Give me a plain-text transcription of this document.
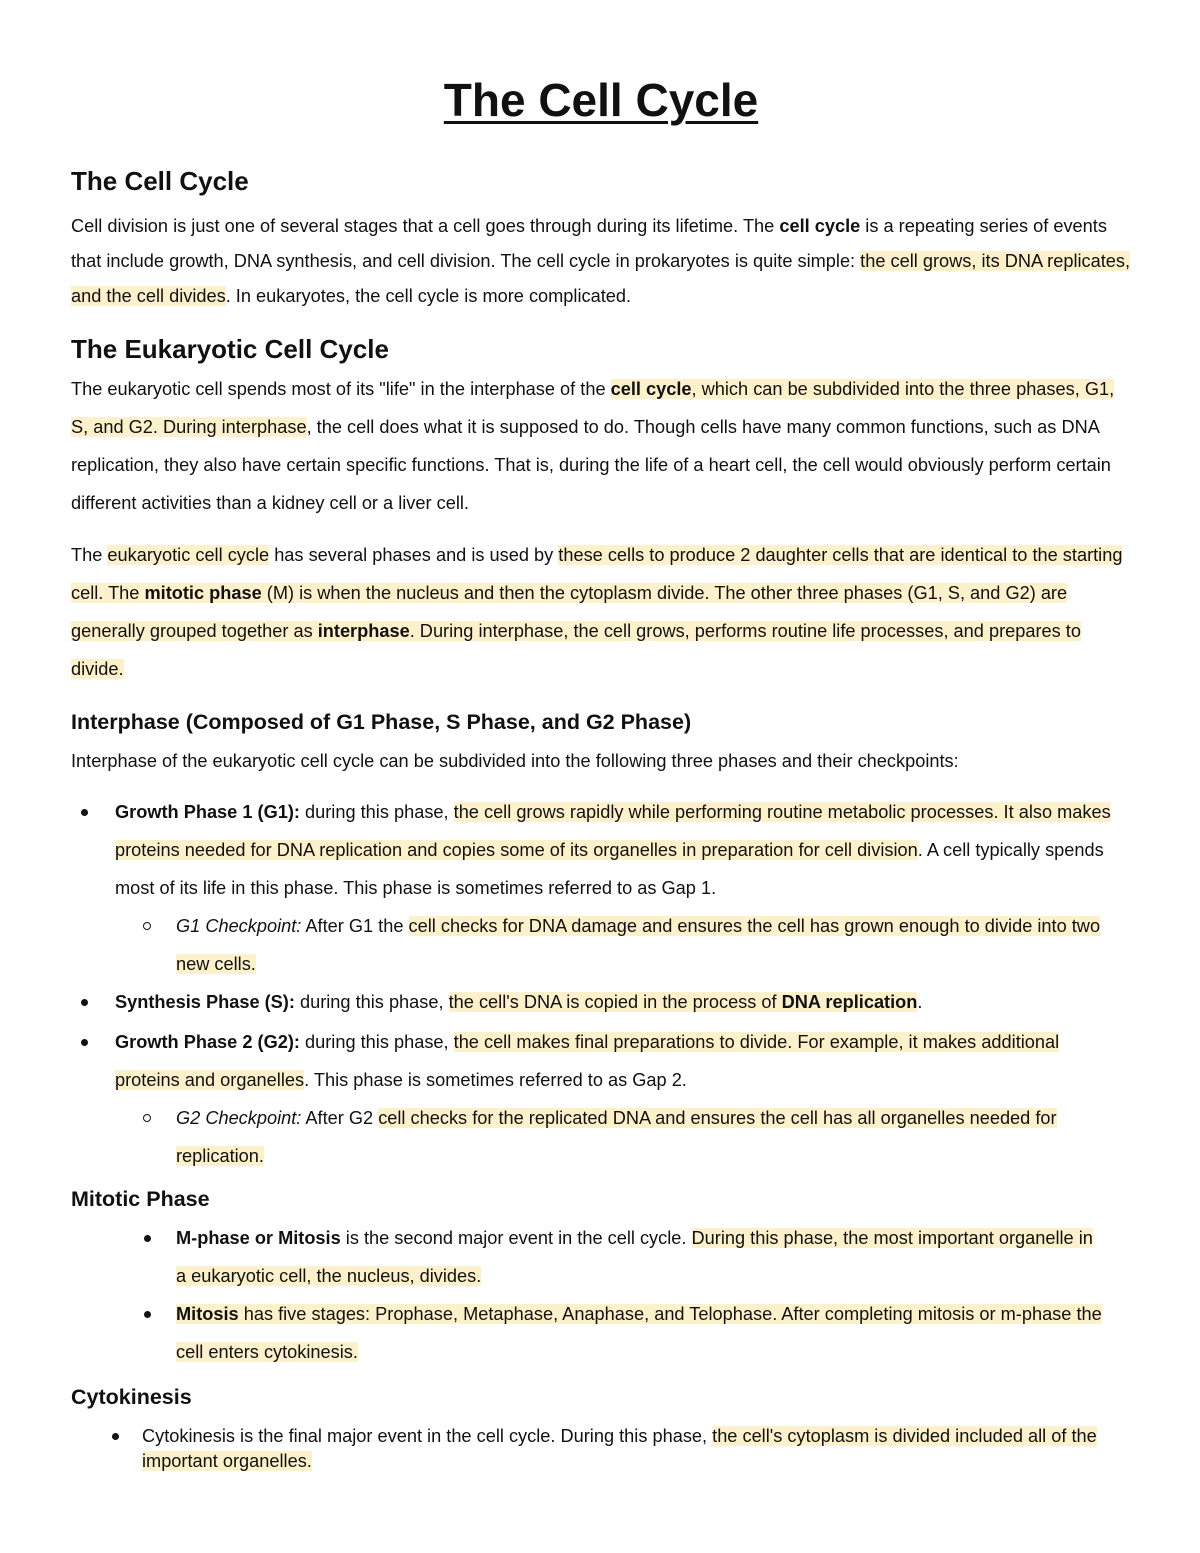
The Cell Cycle
The Cell Cycle

Cell division is just one of several stages that a cell goes through during its lifetime. The cell cycle is a repeating series of events that include growth, DNA synthesis, and cell division. The cell cycle in prokaryotes is quite simple: the cell grows, its DNA replicates, and the cell divides. In eukaryotes, the cell cycle is more complicated.

The Eukaryotic Cell Cycle

The eukaryotic cell spends most of its "life" in the interphase of the cell cycle, which can be subdivided into the three phases, G1, S, and G2. During interphase, the cell does what it is supposed to do. Though cells have many common functions, such as DNA replication, they also have certain specific functions. That is, during the life of a heart cell, the cell would obviously perform certain different activities than a kidney cell or a liver cell.

The eukaryotic cell cycle has several phases and is used by these cells to produce 2 daughter cells that are identical to the starting cell. The mitotic phase (M) is when the nucleus and then the cytoplasm divide. The other three phases (G1, S, and G2) are generally grouped together as interphase. During interphase, the cell grows, performs routine life processes, and prepares to divide.

Interphase (Composed of G1 Phase, S Phase, and G2 Phase)

Interphase of the eukaryotic cell cycle can be subdivided into the following three phases and their checkpoints:

Growth Phase 1 (G1): during this phase, the cell grows rapidly while performing routine metabolic processes. It also makes proteins needed for DNA replication and copies some of its organelles in preparation for cell division. A cell typically spends most of its life in this phase. This phase is sometimes referred to as Gap 1.
G1 Checkpoint: After G1 the cell checks for DNA damage and ensures the cell has grown enough to divide into two new cells.
Synthesis Phase (S): during this phase, the cell's DNA is copied in the process of DNA replication.
Growth Phase 2 (G2): during this phase, the cell makes final preparations to divide. For example, it makes additional proteins and organelles. This phase is sometimes referred to as Gap 2.
G2 Checkpoint: After G2 cell checks for the replicated DNA and ensures the cell has all organelles needed for replication.
Mitotic Phase
M-phase or Mitosis is the second major event in the cell cycle. During this phase, the most important organelle in a eukaryotic cell, the nucleus, divides.
Mitosis has five stages: Prophase, Metaphase, Anaphase, and Telophase. After completing mitosis or m-phase the cell enters cytokinesis.
Cytokinesis
Cytokinesis is the final major event in the cell cycle. During this phase, the cell's cytoplasm is divided included all of the important organelles.
